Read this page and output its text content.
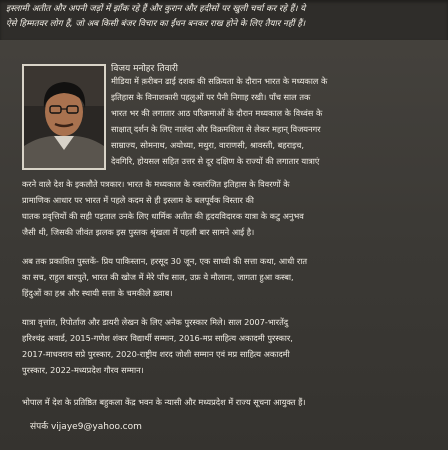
इस्लामी अतीत और अपनी जड़ों में झाँक रहे हैं और कुरान और हदीसों पर खुली चर्चा कर रहे हैं। ये
ऐसे हिम्मतवर लोग हैं, जो अब किसी बंजर विचार का ईंधन बनकर राख होने के लिए तैयार नहीं हैं।
विजय मनोहर तिवारी
मीडिया में क़रीबन ढाई दशक की सक्रियता के दौरान भारत के मध्यकाल के
इतिहास के विनाशकारी पहलुओं पर पैनी निगाह रखी। पाँच साल तक
भारत भर की लगातार आठ परिक्रमाओं के दौरान मध्यकाल के विध्वंस के
साक्षात् दर्शन के लिए नालंदा और विक्रमशिला से लेकर महान् विजयनगर
साम्राज्य, सोमनाथ, अयोध्या, मथुरा, वाराणसी, श्रावस्ती, बहराइच,
देवगिरि, होयसल सहित उत्तर से दूर दक्षिण के राज्यों की लगातार यात्राएं
करने वाले देश के इकलौते पत्रकार। भारत के मध्यकाल के रक्तरंजित इतिहास के विवरणों के
प्रामाणिक आधार पर भारत में पहले कदम से ही इस्लाम के बलपूर्वक विस्तार की
घातक प्रवृत्तियों की सही पड़ताल उनके लिए धार्मिक अतीत की हृदयविदारक यात्रा के कटु अनुभव
जैसी थी, जिसकी जीवंत झलक इस पुस्तक श्रृंखला में पहली बार सामने आई है।
अब तक प्रकाशित पुस्तकें- प्रिय पाकिस्तान, हरसूद 30 जून, एक साध्वी की सत्ता कथा, आधी रात
का सच, राहुल बारपुते, भारत की खोज में मेरे पाँच साल, उफ़ ये मौलाना, जागता हुआ कस्बा,
हिंदुओं का हश्र और स्थायी सत्ता के चमकीले ख़्वाब।
यात्रा वृत्तांत, रिपोर्ताज और डायरी लेखन के लिए अनेक पुरस्कार मिले। साल 2007-भारतेंदु
हरिश्चंद्र अवार्ड, 2015-गणेश शंकर विद्यार्थी सम्मान, 2016-मप्र साहित्य अकादमी पुरस्कार,
2017-माधवराव सप्रे पुरस्कार, 2020-राष्ट्रीय शरद जोशी सम्मान एवं मप्र साहित्य अकादमी
पुरस्कार, 2022-मध्यप्रदेश गौरव सम्मान।
भोपाल में देश के प्रतिष्ठित बहुकला केंद्र भवन के न्यासी और मध्यप्रदेश में राज्य सूचना आयुक्त हैं।
संपर्क vijaye9@yahoo.com
